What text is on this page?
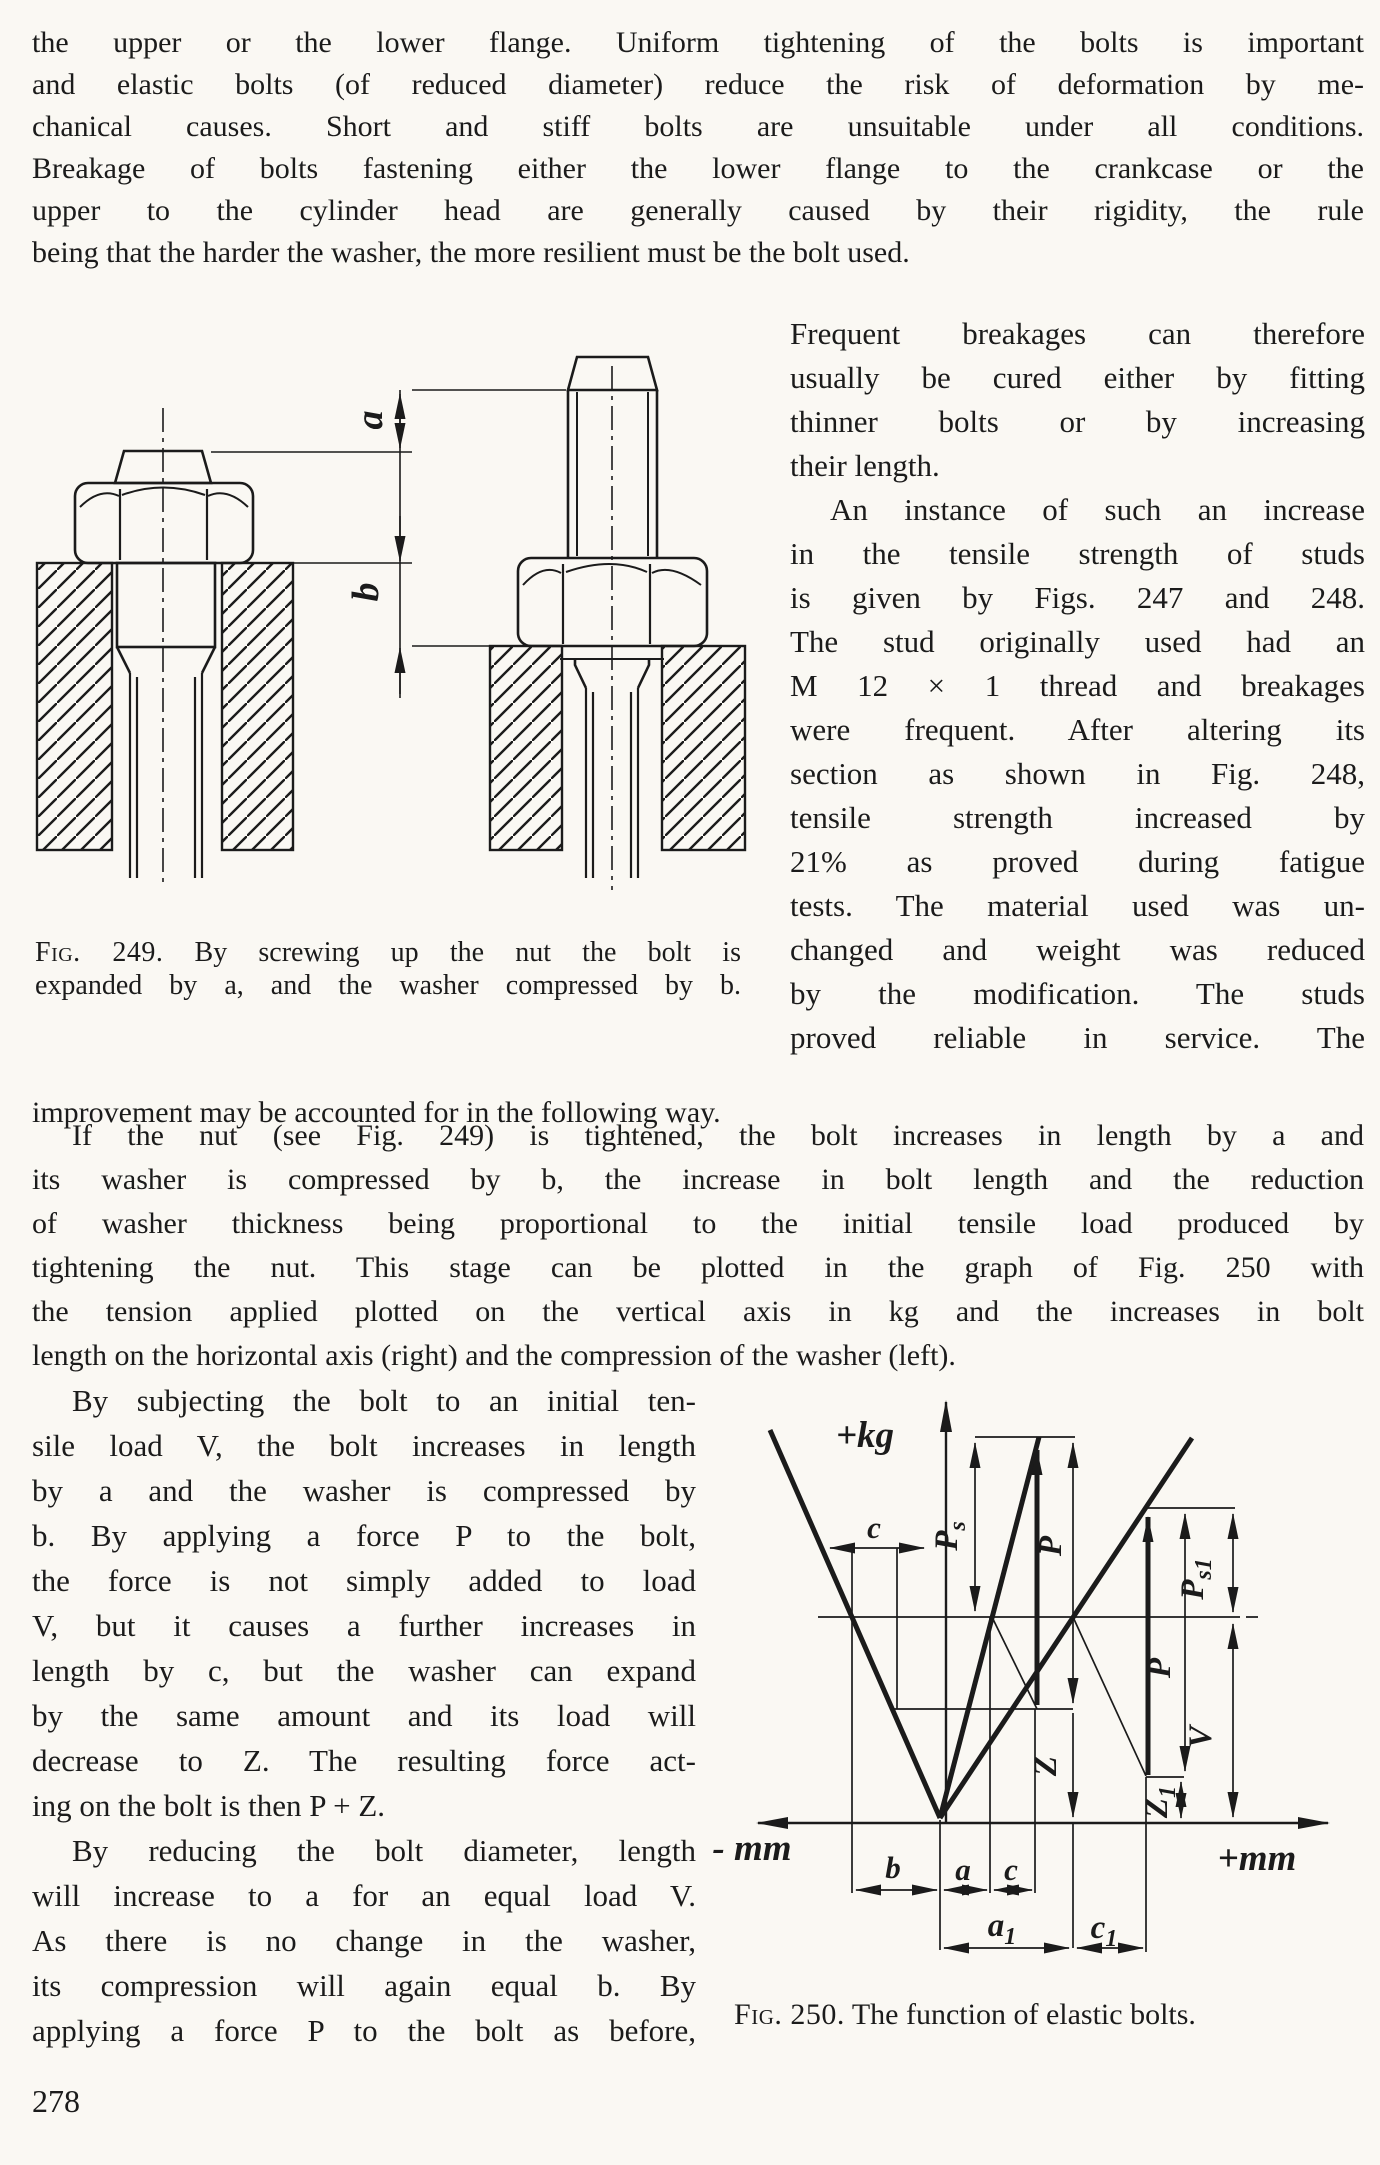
the upper or the lower flange. Uniform tightening of the bolts is important
and elastic bolts (of reduced diameter) reduce the risk of deformation by me-
chanical causes. Short and stiff bolts are unsuitable under all conditions.
Breakage of bolts fastening either the lower flange to the crankcase or the
upper to the cylinder head are generally caused by their rigidity, the rule
being that the harder the washer, the more resilient must be the bolt used.
a
b
Fig. 249. By screwing up the nut the bolt is
expanded by a, and the washer compressed by b.
Frequent breakages can therefore
usually be cured either by fitting
thinner bolts or by increasing
their length.
An instance of such an increase
in the tensile strength of studs
is given by Figs. 247 and 248.
The stud originally used had an
M 12 × 1 thread and breakages
were frequent. After altering its
section as shown in Fig. 248,
tensile strength increased by
21% as proved during fatigue
tests. The material used was un-
changed and weight was reduced
by the modification. The studs
proved reliable in service. The
improvement may be accounted for in the following way.
If the nut (see Fig. 249) is tightened, the bolt increases in length by a and
its washer is compressed by b, the increase in bolt length and the reduction
of washer thickness being proportional to the initial tensile load produced by
tightening the nut. This stage can be plotted in the graph of Fig. 250 with
the tension applied plotted on the vertical axis in kg and the increases in bolt
length on the horizontal axis (right) and the compression of the washer (left).
By subjecting the bolt to an initial ten-
sile load V, the bolt increases in length
by a and the washer is compressed by
b. By applying a force P to the bolt,
the force is not simply added to load
V, but it causes a further increases in
length by c, but the washer can expand
by the same amount and its load will
decrease to Z. The resulting force act-
ing on the bolt is then P + Z.
By reducing the bolt diameter, length
will increase to a for an equal load V.
As there is no change in the washer,
its compression will again equal b. By
applying a force P to the bolt as before,
+kg
- mm	+mm
c $P_s$
P
Z
$P_{s1}$
P
V
$Z_1$
b a c
$a_1$ $c_1$
Fig. 250. The function of elastic bolts.
278
